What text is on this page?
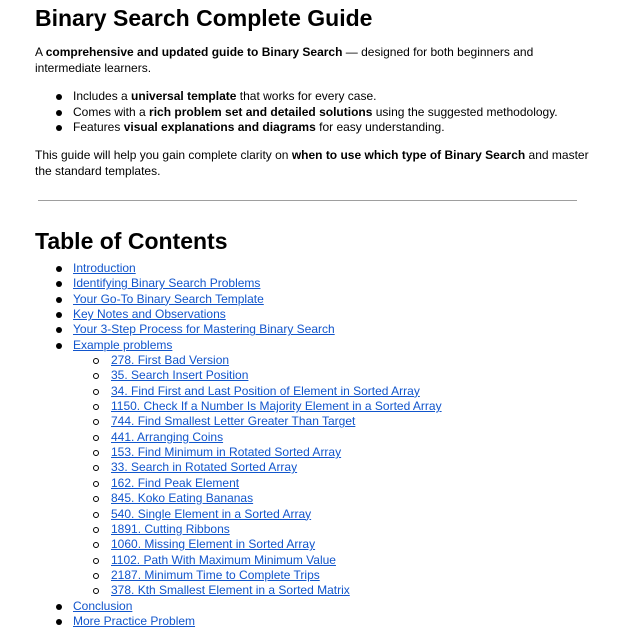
Binary Search Complete Guide

A comprehensive and updated guide to Binary Search — designed for both beginners and intermediate learners.

Includes a universal template that works for every case.
Comes with a rich problem set and detailed solutions using the suggested methodology.
Features visual explanations and diagrams for easy understanding.

This guide will help you gain complete clarity on when to use which type of Binary Search and master the standard templates.

Table of Contents
Introduction
Identifying Binary Search Problems
Your Go-To Binary Search Template
Key Notes and Observations
Your 3-Step Process for Mastering Binary Search
Example problems
278. First Bad Version
35. Search Insert Position
34. Find First and Last Position of Element in Sorted Array
1150. Check If a Number Is Majority Element in a Sorted Array
744. Find Smallest Letter Greater Than Target
441. Arranging Coins
153. Find Minimum in Rotated Sorted Array
33. Search in Rotated Sorted Array
162. Find Peak Element
845. Koko Eating Bananas
540. Single Element in a Sorted Array
1891. Cutting Ribbons
1060. Missing Element in Sorted Array
1102. Path With Maximum Minimum Value
2187. Minimum Time to Complete Trips
378. Kth Smallest Element in a Sorted Matrix
Conclusion
More Practice Problem
